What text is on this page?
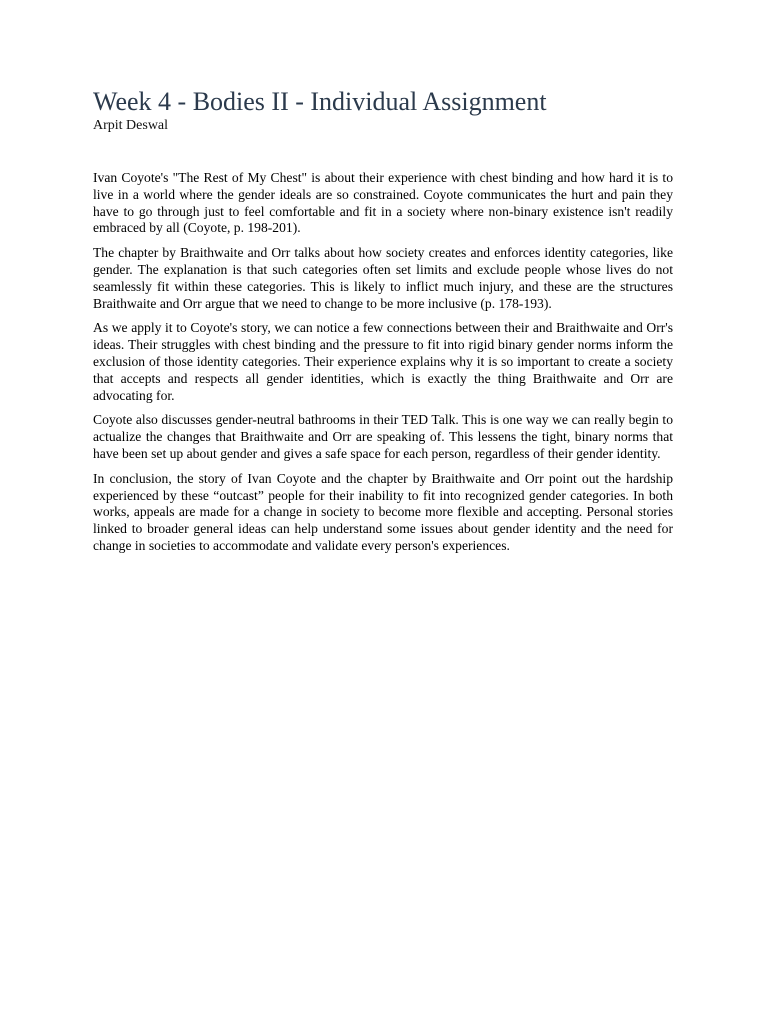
Week 4 - Bodies II - Individual Assignment

Arpit Deswal

Ivan Coyote's "The Rest of My Chest" is about their experience with chest binding and how hard it is to live in a world where the gender ideals are so constrained. Coyote communicates the hurt and pain they have to go through just to feel comfortable and fit in a society where non-binary existence isn't readily embraced by all (Coyote, p. 198-201).

The chapter by Braithwaite and Orr talks about how society creates and enforces identity categories, like gender. The explanation is that such categories often set limits and exclude people whose lives do not seamlessly fit within these categories. This is likely to inflict much injury, and these are the structures Braithwaite and Orr argue that we need to change to be more inclusive (p. 178-193).

As we apply it to Coyote's story, we can notice a few connections between their and Braithwaite and Orr's ideas. Their struggles with chest binding and the pressure to fit into rigid binary gender norms inform the exclusion of those identity categories. Their experience explains why it is so important to create a society that accepts and respects all gender identities, which is exactly the thing Braithwaite and Orr are advocating for.

Coyote also discusses gender-neutral bathrooms in their TED Talk. This is one way we can really begin to actualize the changes that Braithwaite and Orr are speaking of. This lessens the tight, binary norms that have been set up about gender and gives a safe space for each person, regardless of their gender identity.

In conclusion, the story of Ivan Coyote and the chapter by Braithwaite and Orr point out the hardship experienced by these “outcast” people for their inability to fit into recognized gender categories. In both works, appeals are made for a change in society to become more flexible and accepting. Personal stories linked to broader general ideas can help understand some issues about gender identity and the need for change in societies to accommodate and validate every person's experiences.
